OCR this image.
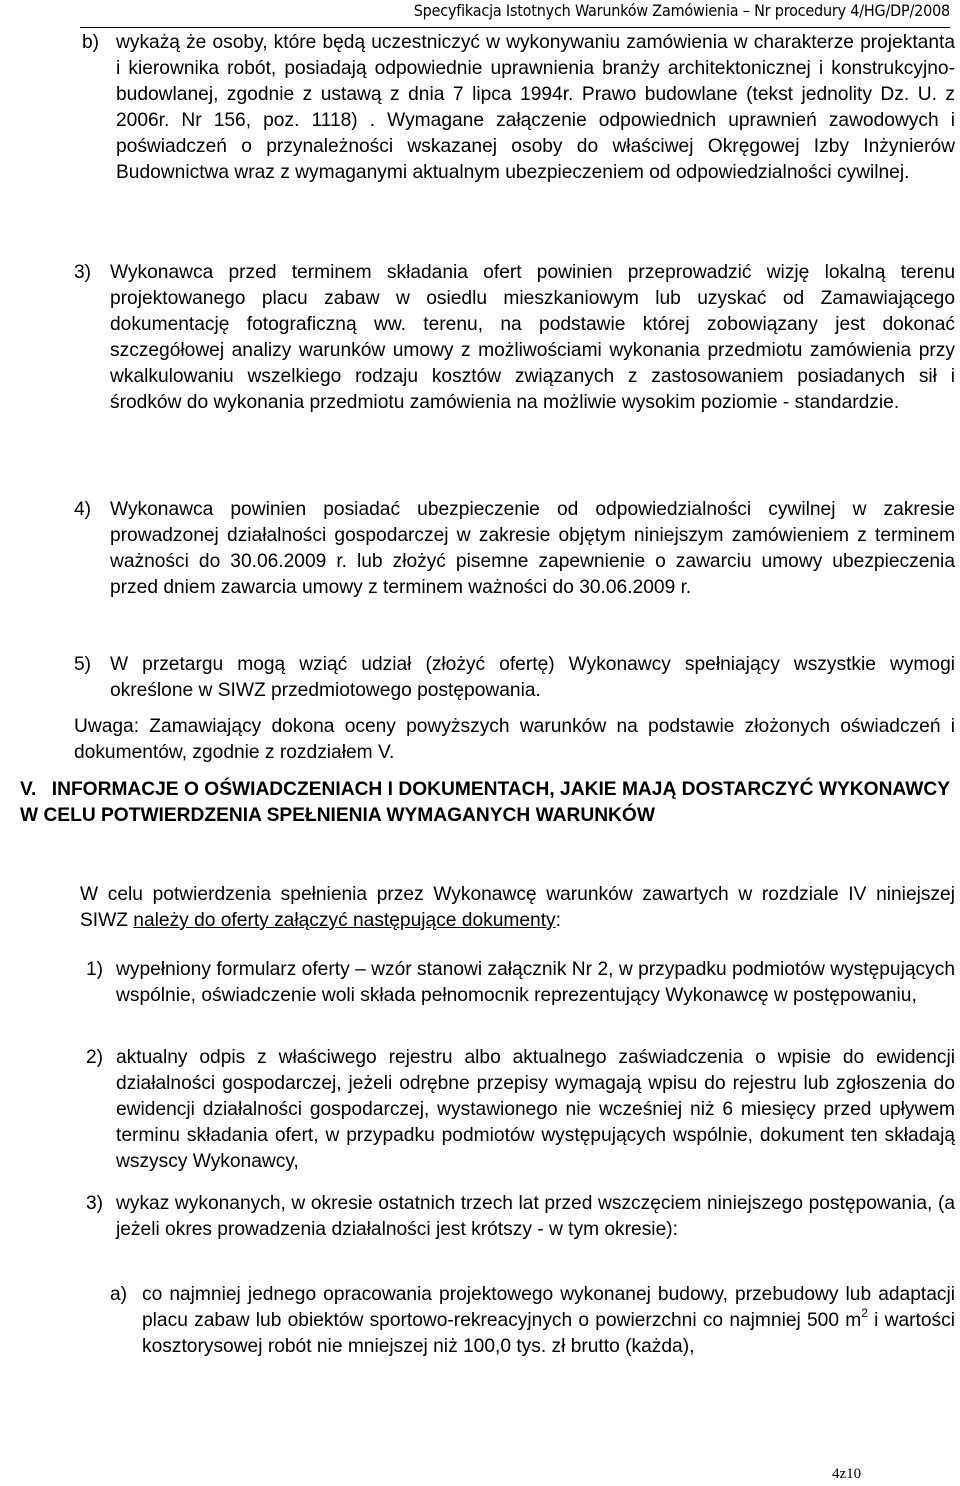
Specyfikacja Istotnych Warunków Zamówienia – Nr procedury 4/HG/DP/2008
b) wykażą że osoby, które będą uczestniczyć w wykonywaniu zamówienia w charakterze projektanta i kierownika robót, posiadają odpowiednie uprawnienia branży architektonicznej i konstrukcyjno-budowlanej, zgodnie z ustawą z dnia 7 lipca 1994r. Prawo budowlane (tekst jednolity Dz. U. z 2006r. Nr 156, poz. 1118) . Wymagane załączenie odpowiednich uprawnień zawodowych i poświadczeń o przynależności wskazanej osoby do właściwej Okręgowej Izby Inżynierów Budownictwa wraz z wymaganymi aktualnym ubezpieczeniem od odpowiedzialności cywilnej.

3) Wykonawca przed terminem składania ofert powinien przeprowadzić wizję lokalną terenu projektowanego placu zabaw w osiedlu mieszkaniowym lub uzyskać od Zamawiającego dokumentację fotograficzną ww. terenu, na podstawie której zobowiązany jest dokonać szczegółowej analizy warunków umowy z możliwościami wykonania przedmiotu zamówienia przy wkalkulowaniu wszelkiego rodzaju kosztów związanych z zastosowaniem posiadanych sił i środków do wykonania przedmiotu zamówienia na możliwie wysokim poziomie - standardzie.

4) Wykonawca powinien posiadać ubezpieczenie od odpowiedzialności cywilnej w zakresie prowadzonej działalności gospodarczej w zakresie objętym niniejszym zamówieniem z terminem ważności do 30.06.2009 r. lub złożyć pisemne zapewnienie o zawarciu umowy ubezpieczenia przed dniem zawarcia umowy z terminem ważności do 30.06.2009 r.

5) W przetargu mogą wziąć udział (złożyć ofertę) Wykonawcy spełniający wszystkie wymogi określone w SIWZ przedmiotowego postępowania.

Uwaga: Zamawiający dokona oceny powyższych warunków na podstawie złożonych oświadczeń i dokumentów, zgodnie z rozdziałem V.

V. INFORMACJE O OŚWIADCZENIACH I DOKUMENTACH, JAKIE MAJĄ DOSTARCZYĆ WYKONAWCY W CELU POTWIERDZENIA SPEŁNIENIA WYMAGANYCH WARUNKÓW

W celu potwierdzenia spełnienia przez Wykonawcę warunków zawartych w rozdziale IV niniejszej SIWZ należy do oferty załączyć następujące dokumenty:

1) wypełniony formularz oferty – wzór stanowi załącznik Nr 2, w przypadku podmiotów występujących wspólnie, oświadczenie woli składa pełnomocnik reprezentujący Wykonawcę w postępowaniu,

2) aktualny odpis z właściwego rejestru albo aktualnego zaświadczenia o wpisie do ewidencji działalności gospodarczej, jeżeli odrębne przepisy wymagają wpisu do rejestru lub zgłoszenia do ewidencji działalności gospodarczej, wystawionego nie wcześniej niż 6 miesięcy przed upływem terminu składania ofert, w przypadku podmiotów występujących wspólnie, dokument ten składają wszyscy Wykonawcy,

3) wykaz wykonanych, w okresie ostatnich trzech lat przed wszczęciem niniejszego postępowania, (a jeżeli okres prowadzenia działalności jest krótszy - w tym okresie):

a) co najmniej jednego opracowania projektowego wykonanej budowy, przebudowy lub adaptacji placu zabaw lub obiektów sportowo-rekreacyjnych o powierzchni co najmniej 500 $m^2$ i wartości kosztorysowej robót nie mniejszej niż 100,0 tys. zł brutto (każda),

4z10
